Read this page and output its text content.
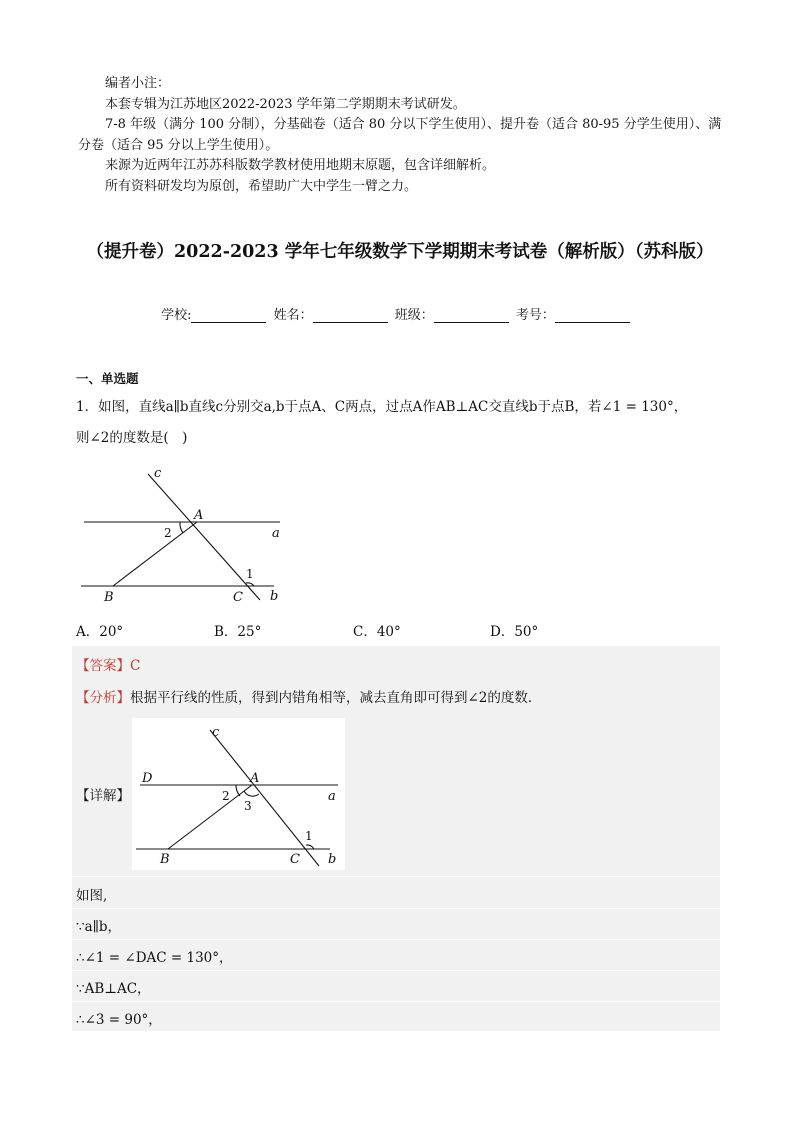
编者小注：

本套专辑为江苏地区2022-2023 学年第二学期期末考试研发。

7-8 年级（满分 100 分制），分基础卷（适合 80 分以下学生使用）、提升卷（适合 80-95 分学生使用）、满分卷（适合 95 分以上学生使用）。

来源为近两年江苏苏科版数学教材使用地期末原题，包含详细解析。

所有资料研发均为原创，希望助广大中学生一臂之力。

（提升卷）2022-2023 学年七年级数学下学期期末考试卷（解析版）（苏科版）
学校:	姓名：	班级：	考号：
一、单选题
1．如图，直线a∥b直线c分别交a,b于点A、C两点，过点A作AB⊥AC交直线b于点B，若∠1 = 130°，
则∠2的度数是(　)
c
A
a
B	C b
2
1
A．20°	B．25°	C．40°	D．50°
【答案】C
【分析】根据平行线的性质，得到内错角相等，减去直角即可得到∠2的度数．
【详解】
c
D	A
a
B	C b
2
3
1
如图,
∵a∥b，
∴∠1 = ∠DAC = 130°，
∵AB⊥AC，
∴∠3 = 90°，
